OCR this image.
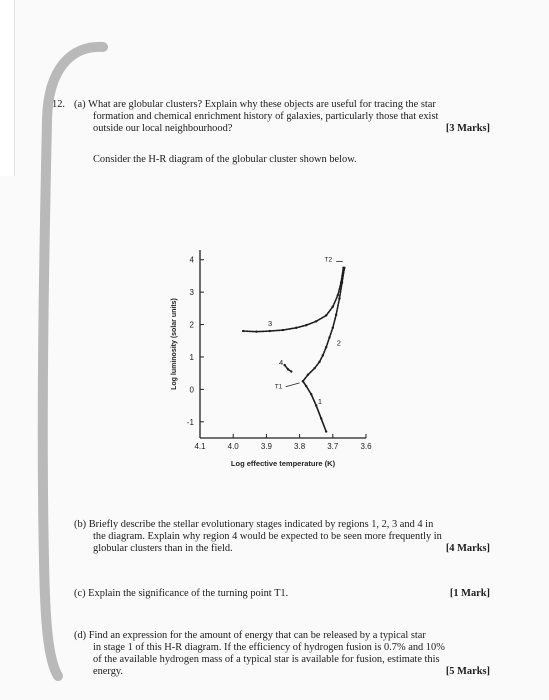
12. (a) What are globular clusters? Explain why these objects are useful for tracing the star
formation and chemical enrichment history of galaxies, particularly those that exist
outside our local neighbourhood?	[3 Marks]
Consider the H-R diagram of the globular cluster shown below.
4.1	4.0	3.9	3.8	3.7	3.6
4
3
2
1
0
-1
Log effective temperature (K)
Log luminosity (solar units)
1
2
3
4
T1
T2
(b) Briefly describe the stellar evolutionary stages indicated by regions 1, 2, 3 and 4 in
the diagram. Explain why region 4 would be expected to be seen more frequently in
globular clusters than in the field.	[4 Marks]
(c) Explain the significance of the turning point T1.	[1 Mark]
(d) Find an expression for the amount of energy that can be released by a typical star
in stage 1 of this H-R diagram. If the efficiency of hydrogen fusion is 0.7% and 10%
of the available hydrogen mass of a typical star is available for fusion, estimate this
energy.	[5 Marks]
